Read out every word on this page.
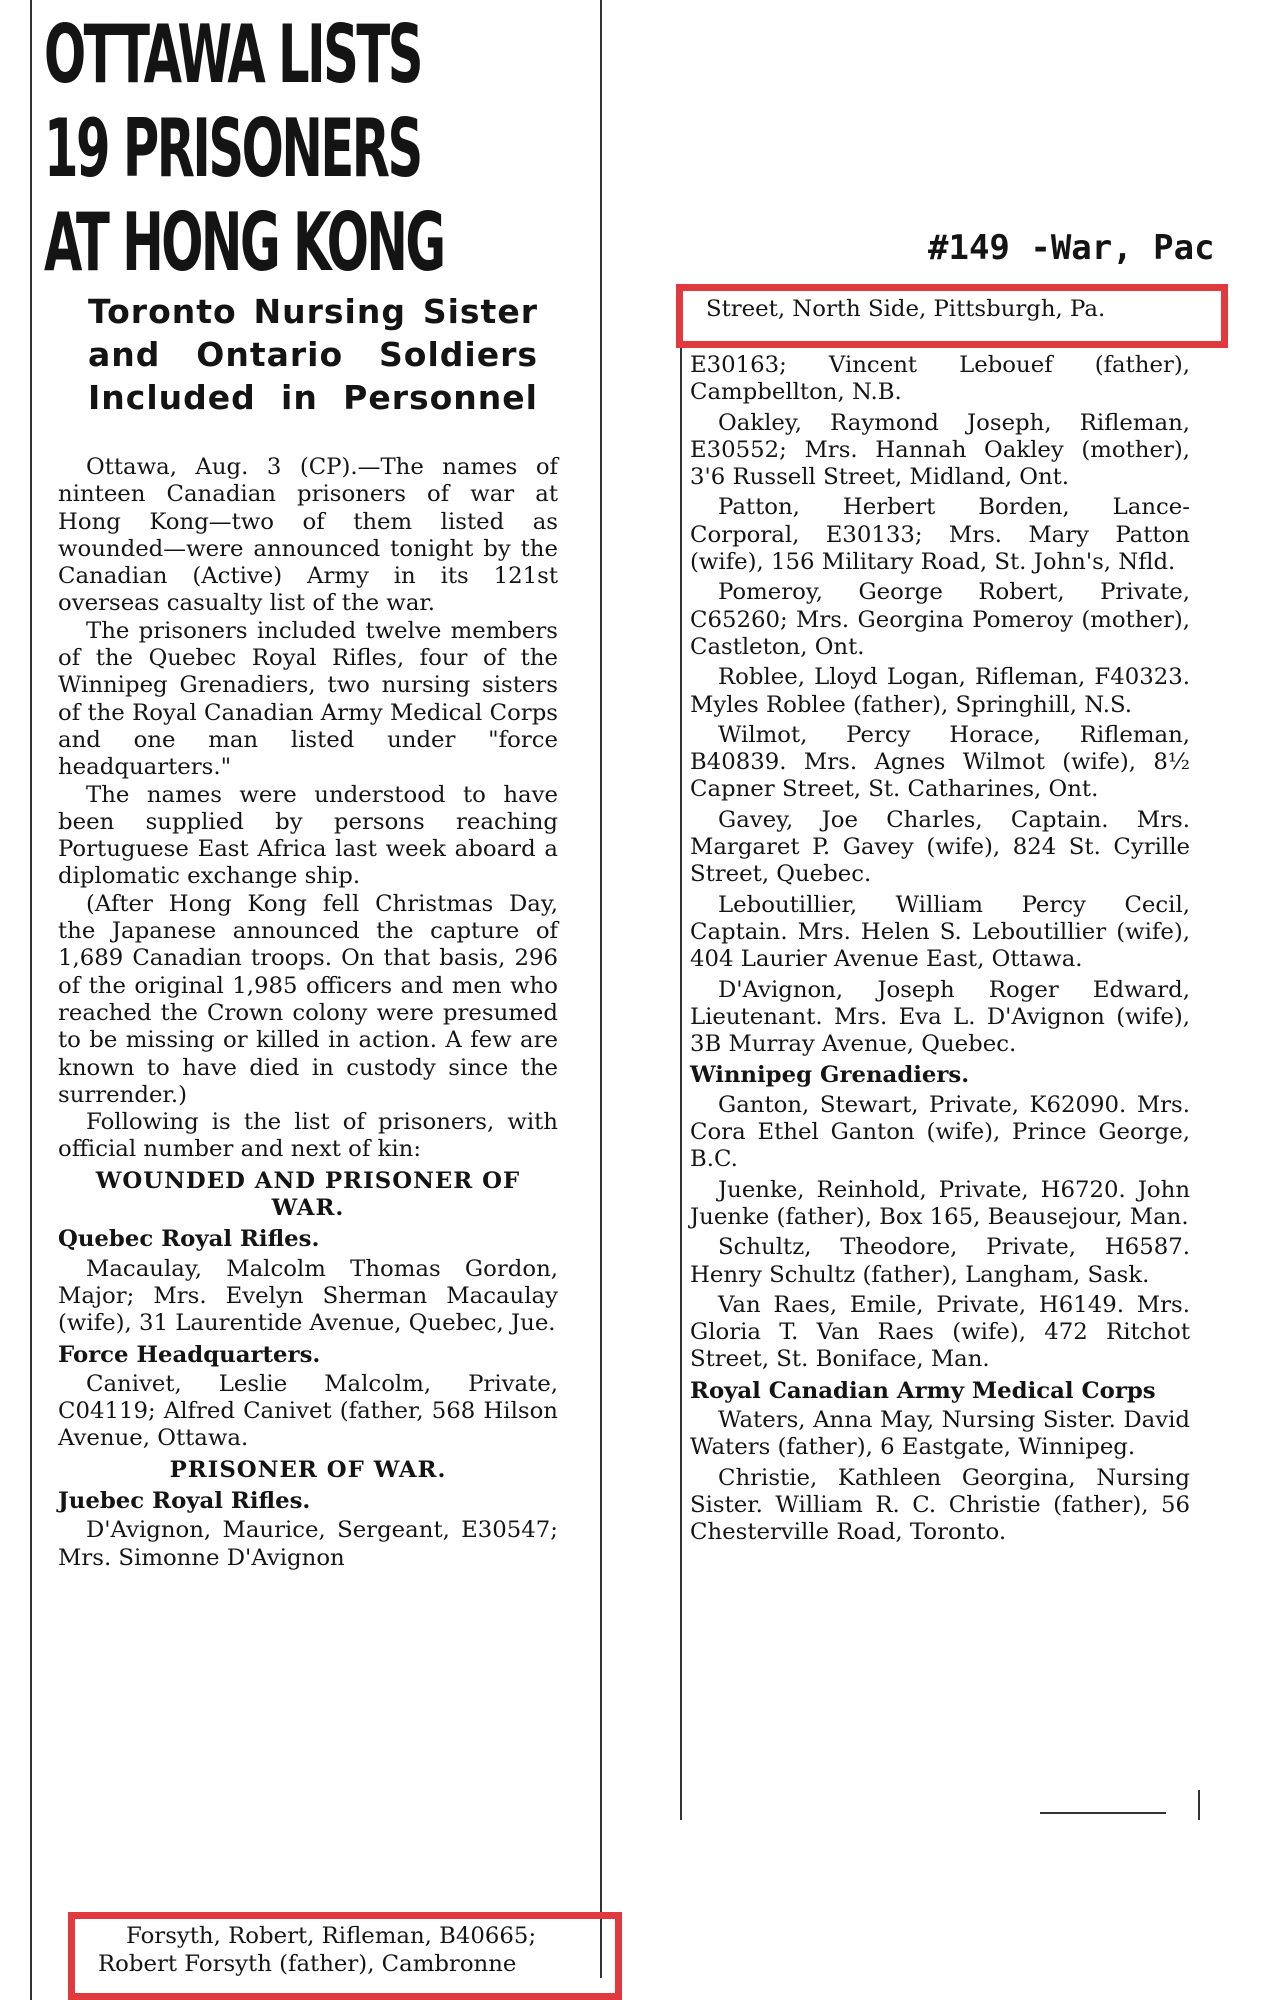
#149 -War, Pac
OTTAWA LISTS
19 PRISONERS
AT HONG KONG
Toronto Nursing Sister
and Ontario Soldiers
Included in Personnel

Ottawa, Aug. 3 (CP).—The names of ninteen Canadian prisoners of war at Hong Kong—two of them listed as wounded—were announced tonight by the Canadian (Active) Army in its 121st overseas casualty list of the war.

The prisoners included twelve members of the Quebec Royal Rifles, four of the Winnipeg Grenadiers, two nursing sisters of the Royal Canadian Army Medical Corps and one man listed under "force headquarters."

The names were understood to have been supplied by persons reaching Portuguese East Africa last week aboard a diplomatic exchange ship.

(After Hong Kong fell Christmas Day, the Japanese announced the capture of 1,689 Canadian troops. On that basis, 296 of the original 1,985 officers and men who reached the Crown colony were presumed to be missing or killed in action. A few are known to have died in custody since the surrender.)

Following is the list of prisoners, with official number and next of kin:

WOUNDED AND PRISONER OF WAR.
Quebec Royal Rifles.

Macaulay, Malcolm Thomas Gordon, Major; Mrs. Evelyn Sherman Macaulay (wife), 31 Laurentide Avenue, Quebec, Jue.

Force Headquarters.

Canivet, Leslie Malcolm, Private, C04119; Alfred Canivet (father, 568 Hilson Avenue, Ottawa.

PRISONER OF WAR.
Juebec Royal Rifles.

D'Avignon, Maurice, Sergeant, E30547; Mrs. Simonne D'Avignon

Forsyth, Robert, Rifleman, B40665;
Robert Forsyth (father), Cambronne
Street, North Side, Pittsburgh, Pa.

E30163; Vincent Lebouef (father), Campbellton, N.B.

Oakley, Raymond Joseph, Rifleman, E30552; Mrs. Hannah Oakley (mother), 3'6 Russell Street, Midland, Ont.

Patton, Herbert Borden, Lance-Corporal, E30133; Mrs. Mary Patton (wife), 156 Military Road, St. John's, Nfld.

Pomeroy, George Robert, Private, C65260; Mrs. Georgina Pomeroy (mother), Castleton, Ont.

Roblee, Lloyd Logan, Rifleman, F40323. Myles Roblee (father), Springhill, N.S.

Wilmot, Percy Horace, Rifleman, B40839. Mrs. Agnes Wilmot (wife), 8½ Capner Street, St. Catharines, Ont.

Gavey, Joe Charles, Captain. Mrs. Margaret P. Gavey (wife), 824 St. Cyrille Street, Quebec.

Leboutillier, William Percy Cecil, Captain. Mrs. Helen S. Leboutillier (wife), 404 Laurier Avenue East, Ottawa.

D'Avignon, Joseph Roger Edward, Lieutenant. Mrs. Eva L. D'Avignon (wife), 3B Murray Avenue, Quebec.

Winnipeg Grenadiers.

Ganton, Stewart, Private, K62090. Mrs. Cora Ethel Ganton (wife), Prince George, B.C.

Juenke, Reinhold, Private, H6720. John Juenke (father), Box 165, Beausejour, Man.

Schultz, Theodore, Private, H6587. Henry Schultz (father), Langham, Sask.

Van Raes, Emile, Private, H6149. Mrs. Gloria T. Van Raes (wife), 472 Ritchot Street, St. Boniface, Man.

Royal Canadian Army Medical Corps

Waters, Anna May, Nursing Sister. David Waters (father), 6 Eastgate, Winnipeg.

Christie, Kathleen Georgina, Nursing Sister. William R. C. Christie (father), 56 Chesterville Road, Toronto.
